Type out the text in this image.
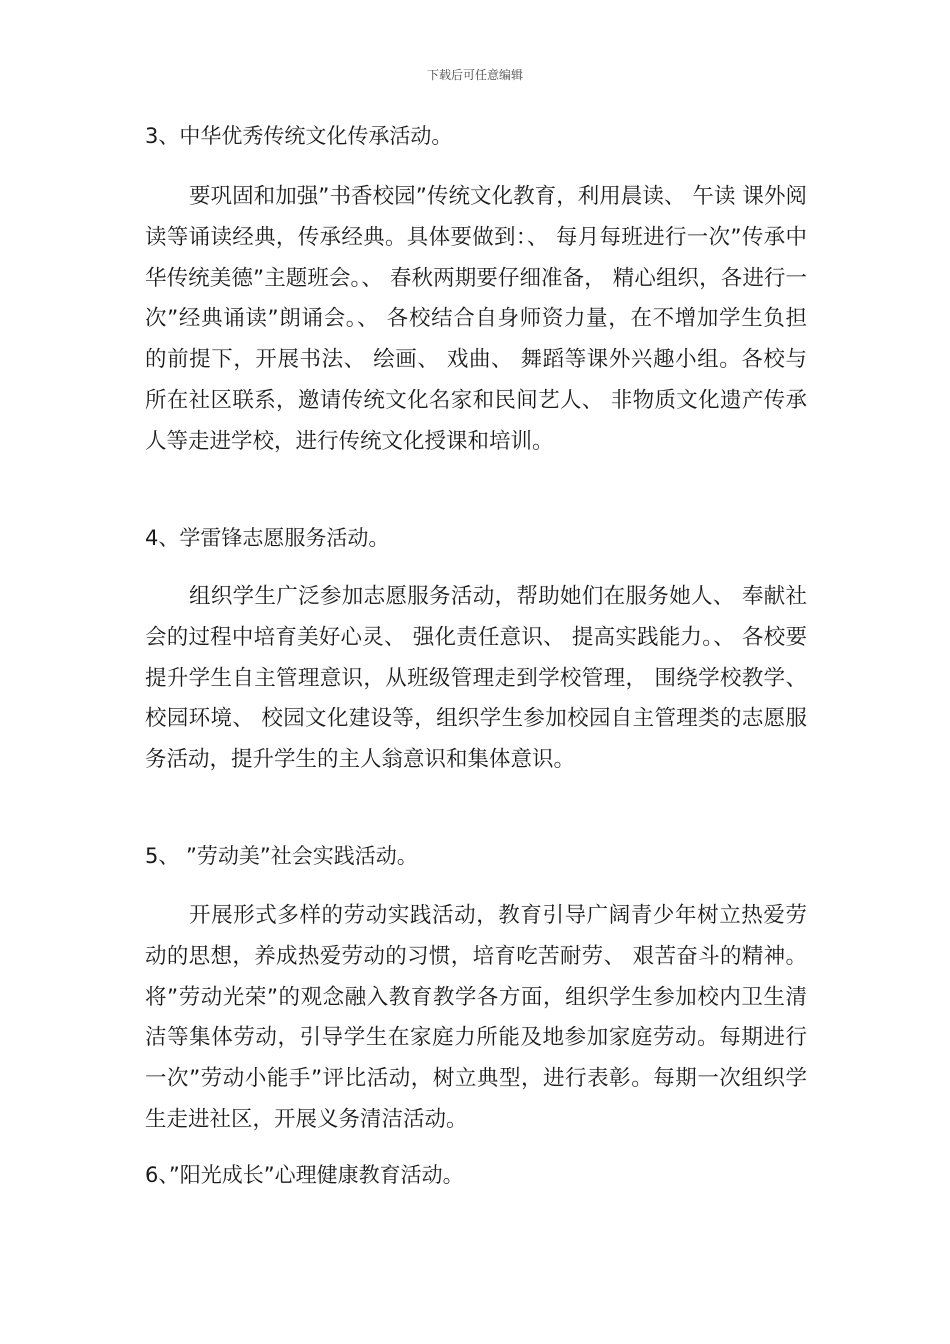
下载后可任意编辑
3、中华优秀传统文化传承活动。
要巩固和加强”书香校园”传统文化教育，利用晨读、 午读 课外阅读等诵读经典，传承经典。具体要做到：、 每月每班进行一次”传承中华传统美德”主题班会。、 春秋两期要仔细准备， 精心组织，各进行一次”经典诵读”朗诵会。、 各校结合自身师资力量，在不增加学生负担的前提下，开展书法、 绘画、 戏曲、 舞蹈等课外兴趣小组。各校与所在社区联系，邀请传统文化名家和民间艺人、 非物质文化遗产传承人等走进学校，进行传统文化授课和培训。
4、学雷锋志愿服务活动。
组织学生广泛参加志愿服务活动，帮助她们在服务她人、 奉献社会的过程中培育美好心灵、 强化责任意识、 提高实践能力。、 各校要提升学生自主管理意识，从班级管理走到学校管理， 围绕学校教学、 校园环境、 校园文化建设等，组织学生参加校园自主管理类的志愿服务活动，提升学生的主人翁意识和集体意识。
5、 ”劳动美”社会实践活动。
开展形式多样的劳动实践活动，教育引导广阔青少年树立热爱劳动的思想，养成热爱劳动的习惯，培育吃苦耐劳、 艰苦奋斗的精神。将”劳动光荣”的观念融入教育教学各方面，组织学生参加校内卫生清洁等集体劳动，引导学生在家庭力所能及地参加家庭劳动。每期进行一次”劳动小能手”评比活动，树立典型，进行表彰。每期一次组织学生走进社区，开展义务清洁活动。
6、”阳光成长”心理健康教育活动。
